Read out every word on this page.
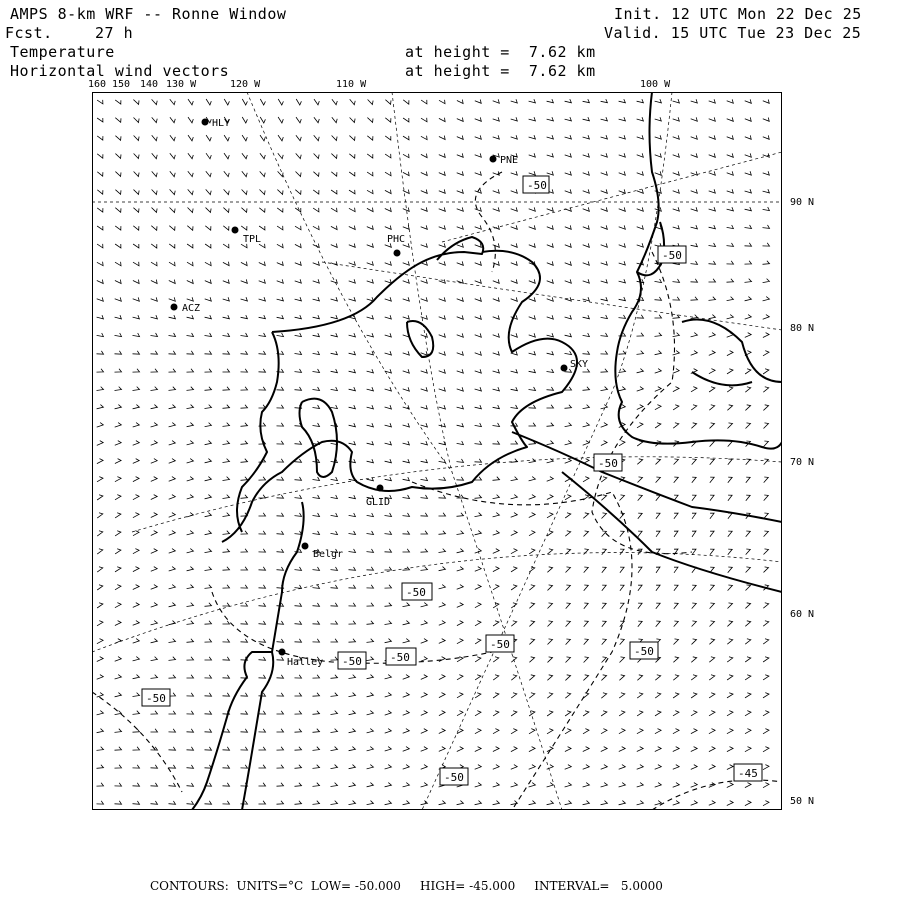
AMPS 8-km WRF -- Ronne Window	Init. 12 UTC Mon 22 Dec 25
Fcst.	27 h	Valid. 15 UTC Tue 23 Dec 25
Temperature	at height =  7.62 km
Horizontal wind vectors	at height =  7.62 km
160 150 140 130 W	120 W	110 W	100 W
90 N
80 N
70 N
60 N
50 N
HLY
PNE
TPL	PHC
ACZ
SKY
GLID
Belgr
Halley
-50
-50
-50
-50
-50
-50
-50	-50
-50
-50	-45
CONTOURS: UNITS=°C LOW= -50.000 HIGH= -45.000 INTERVAL=   5.0000
